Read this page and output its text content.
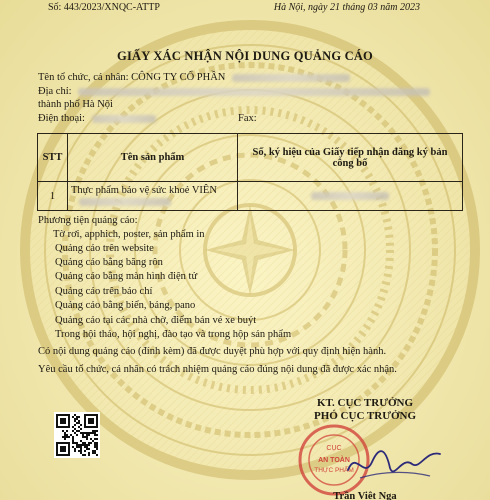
Số: 443/2023/XNQC-ATTP	Hà Nội, ngày 21 tháng 03 năm 2023
GIẤY XÁC NHẬN NỘI DUNG QUẢNG CÁO
Tên tổ chức, cá nhân: CÔNG TY CỔ PHẦN
Địa chỉ:
thành phố Hà Nội
Điện thoại:	Fax:
STT	Tên sản phẩm	Số, ký hiệu của Giấy tiếp nhận đăng ký bản công bố
1	Thực phẩm bảo vệ sức khoẻ VIÊN

Phương tiện quảng cáo:
Tờ rơi, apphich, poster, sản phẩm in
Quảng cáo trên website
Quảng cáo bằng băng rôn
Quảng cáo bằng màn hình điện tử
Quảng cáo trên báo chí
Quảng cáo bằng biển, bảng, pano
Quảng cáo tại các nhà chờ, điểm bán vé xe buýt
Trong hội thảo, hội nghị, đào tạo và trong hộp sản phẩm
Có nội dung quảng cáo (đính kèm) đã được duyệt phù hợp với quy định hiện hành.
Yêu cầu tổ chức, cá nhân có trách nhiệm quảng cáo đúng nội dung đã được xác nhận.
KT. CỤC TRƯỞNG
PHÓ CỤC TRƯỞNG
CỤC
AN TOÀN
THỰC PHẨM
Trần Việt Nga
